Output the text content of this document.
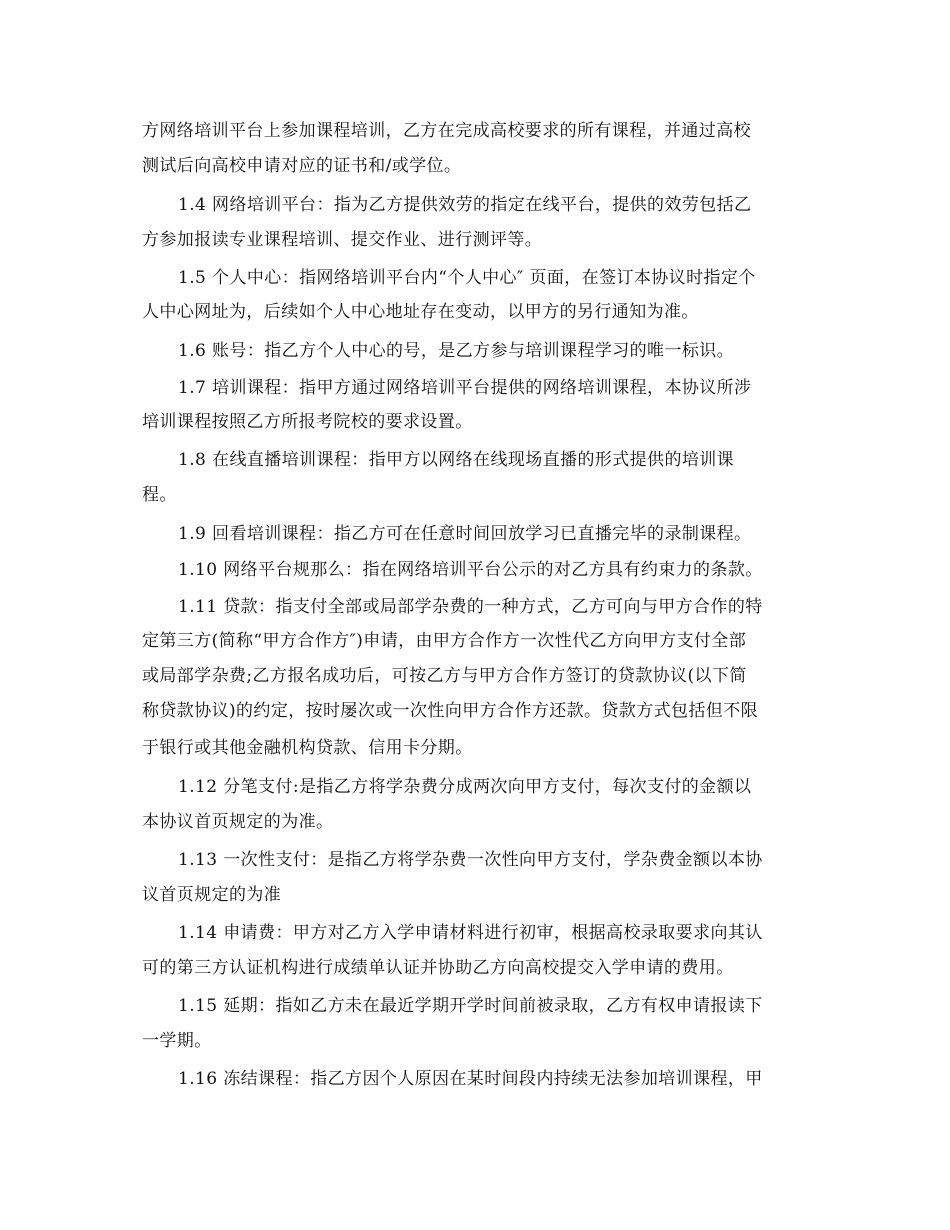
方网络培训平台上参加课程培训，乙方在完成高校要求的所有课程，并通过高校
测试后向高校申请对应的证书和/或学位。
1.4 网络培训平台：指为乙方提供效劳的指定在线平台，提供的效劳包括乙
方参加报读专业课程培训、提交作业、进行测评等。
1.5 个人中心：指网络培训平台内“个人中心″ 页面，在签订本协议时指定个
人中心网址为，后续如个人中心地址存在变动，以甲方的另行通知为准。
1.6 账号：指乙方个人中心的号，是乙方参与培训课程学习的唯一标识。
1.7 培训课程：指甲方通过网络培训平台提供的网络培训课程，本协议所涉
培训课程按照乙方所报考院校的要求设置。
1.8 在线直播培训课程：指甲方以网络在线现场直播的形式提供的培训课
程。
1.9 回看培训课程：指乙方可在任意时间回放学习已直播完毕的录制课程。
1.10 网络平台规那么：指在网络培训平台公示的对乙方具有约束力的条款。
1.11 贷款：指支付全部或局部学杂费的一种方式，乙方可向与甲方合作的特
定第三方(简称“甲方合作方″)申请，由甲方合作方一次性代乙方向甲方支付全部
或局部学杂费;乙方报名成功后，可按乙方与甲方合作方签订的贷款协议(以下简
称贷款协议)的约定，按时屡次或一次性向甲方合作方还款。贷款方式包括但不限
于银行或其他金融机构贷款、信用卡分期。
1.12 分笔支付:是指乙方将学杂费分成两次向甲方支付，每次支付的金额以
本协议首页规定的为准。
1.13 一次性支付：是指乙方将学杂费一次性向甲方支付，学杂费金额以本协
议首页规定的为准
1.14 申请费：甲方对乙方入学申请材料进行初审，根据高校录取要求向其认
可的第三方认证机构进行成绩单认证并协助乙方向高校提交入学申请的费用。
1.15 延期：指如乙方未在最近学期开学时间前被录取，乙方有权申请报读下
一学期。
1.16 冻结课程：指乙方因个人原因在某时间段内持续无法参加培训课程，甲
